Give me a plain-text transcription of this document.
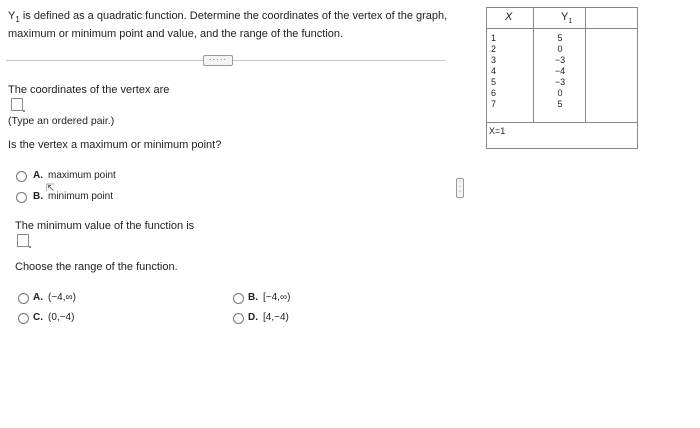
$Y_1$ is defined as a quadratic function. Determine the coordinates of the vertex of the graph, maximum or minimum point and value, and the range of the function.
·····
The coordinates of the vertex are
(Type an ordered pair.)
Is the vertex a maximum or minimum point?
A. maximum point
⇱
B. minimum point
The minimum value of the function is
Choose the range of the function.
A. (−4,∞)
C. (0,−4)
B. [−4,∞)
D. [4,−4)
·
·
·
X	$Y_1$
1
2
3
4
5
6
7
5
0
−3
−4
−3
0
5
X=1
